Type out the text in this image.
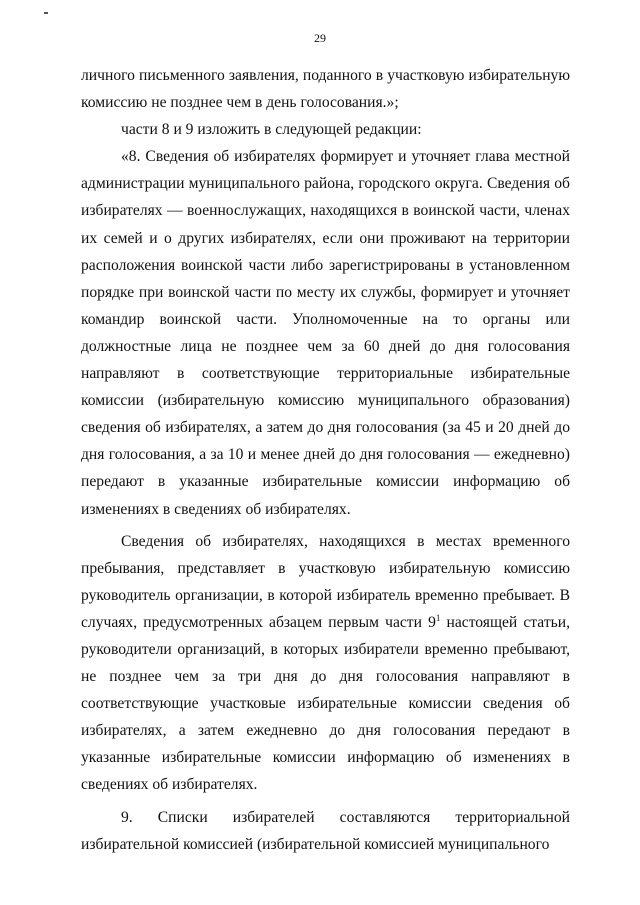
29

личного письменного заявления, поданного в участковую избирательную комиссию не позднее чем в день голосования.»;

части 8 и 9 изложить в следующей редакции:

«8. Сведения об избирателях формирует и уточняет глава местной администрации муниципального района, городского округа. Сведения об избирателях — военнослужащих, находящихся в воинской части, членах их семей и о других избирателях, если они проживают на территории расположения воинской части либо зарегистрированы в установленном порядке при воинской части по месту их службы, формирует и уточняет командир воинской части. Уполномоченные на то органы или должностные лица не позднее чем за 60 дней до дня голосования направляют в соответствующие территориальные избирательные комиссии (избирательную комиссию муниципального образования) сведения об избирателях, а затем до дня голосования (за 45 и 20 дней до дня голосования, а за 10 и менее дней до дня голосования — ежедневно) передают в указанные избирательные комиссии информацию об изменениях в сведениях об избирателях.

Сведения об избирателях, находящихся в местах временного пребывания, представляет в участковую избирательную комиссию руководитель организации, в которой избиратель временно пребывает. В случаях, предусмотренных абзацем первым части $9^1$ настоящей статьи, руководители организаций, в которых избиратели временно пребывают, не позднее чем за три дня до дня голосования направляют в соответствующие участковые избирательные комиссии сведения об избирателях, а затем ежедневно до дня голосования передают в указанные избирательные комиссии информацию об изменениях в сведениях об избирателях.

9. Списки избирателей составляются территориальной избирательной комиссией (избирательной комиссией муниципального
